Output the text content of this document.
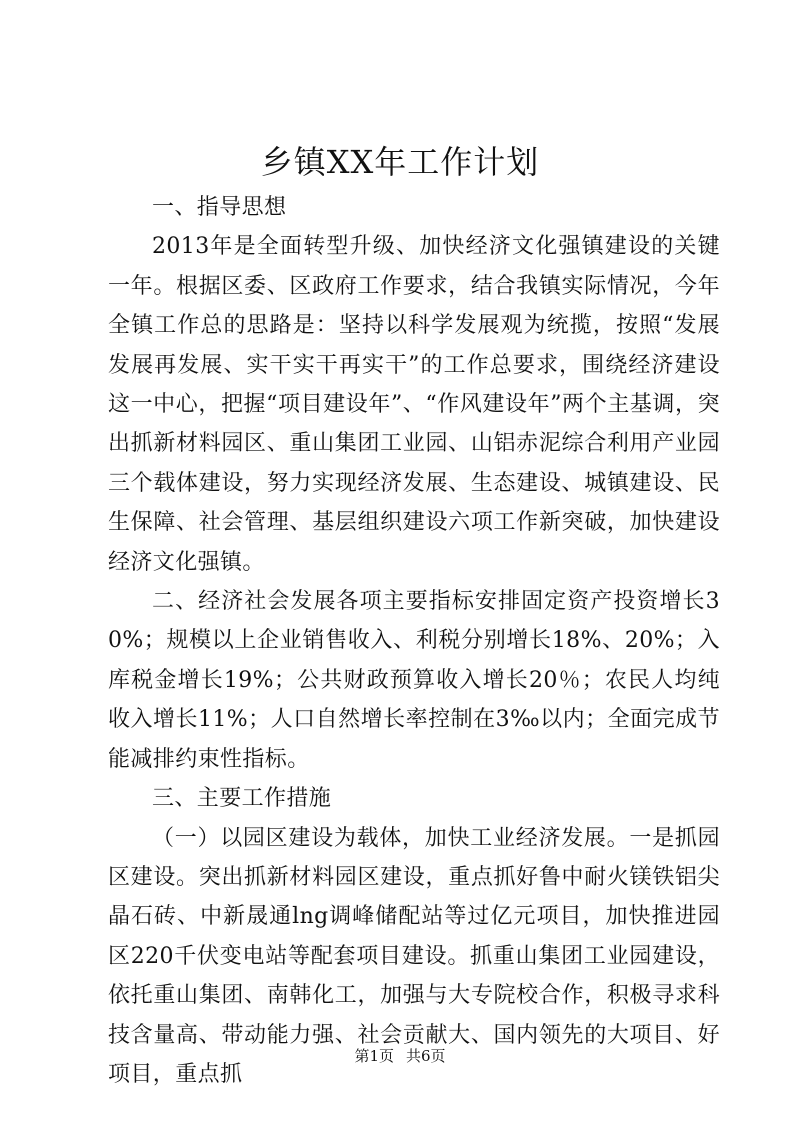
乡镇XX年工作计划

一、指导思想

2013年是全面转型升级、加快经济文化强镇建设的关键一年。根据区委、区政府工作要求，结合我镇实际情况，今年全镇工作总的思路是：坚持以科学发展观为统揽，按照“发展发展再发展、实干实干再实干”的工作总要求，围绕经济建设这一中心，把握“项目建设年”、“作风建设年”两个主基调，突出抓新材料园区、重山集团工业园、山铝赤泥综合利用产业园三个载体建设，努力实现经济发展、生态建设、城镇建设、民生保障、社会管理、基层组织建设六项工作新突破，加快建设经济文化强镇。

二、经济社会发展各项主要指标安排固定资产投资增长30%；规模以上企业销售收入、利税分别增长18%、20%；入库税金增长19%；公共财政预算收入增长20％；农民人均纯收入增长11%；人口自然增长率控制在3‰以内；全面完成节能减排约束性指标。

三、主要工作措施

（一）以园区建设为载体，加快工业经济发展。一是抓园区建设。突出抓新材料园区建设，重点抓好鲁中耐火镁铁铝尖晶石砖、中新晟通lng调峰储配站等过亿元项目，加快推进园区220千伏变电站等配套项目建设。抓重山集团工业园建设，依托重山集团、南韩化工，加强与大专院校合作，积极寻求科技含量高、带动能力强、社会贡献大、国内领先的大项目、好项目，重点抓

第1页 共6页
